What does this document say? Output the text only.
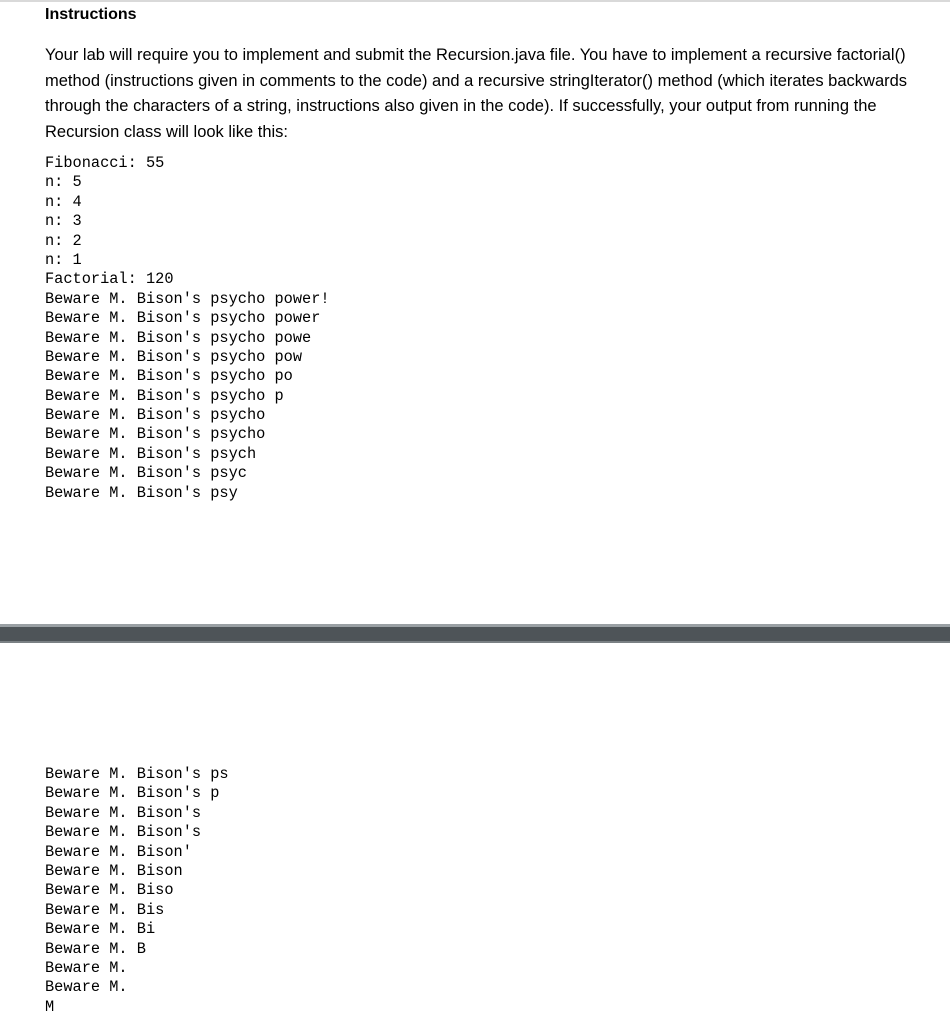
Instructions

Your lab will require you to implement and submit the Recursion.java file. You have to implement a recursive factorial() method (instructions given in comments to the code) and a recursive stringIterator() method (which iterates backwards through the characters of a string, instructions also given in the code). If successfully, your output from running the Recursion class will look like this:

Fibonacci: 55
n: 5
n: 4
n: 3
n: 2
n: 1
Factorial: 120
Beware M. Bison's psycho power!
Beware M. Bison's psycho power
Beware M. Bison's psycho powe
Beware M. Bison's psycho pow
Beware M. Bison's psycho po
Beware M. Bison's psycho p
Beware M. Bison's psycho
Beware M. Bison's psycho
Beware M. Bison's psych
Beware M. Bison's psyc
Beware M. Bison's psy
Beware M. Bison's ps
Beware M. Bison's p
Beware M. Bison's
Beware M. Bison's
Beware M. Bison'
Beware M. Bison
Beware M. Biso
Beware M. Bis
Beware M. Bi
Beware M. B
Beware M.
Beware M.
M
